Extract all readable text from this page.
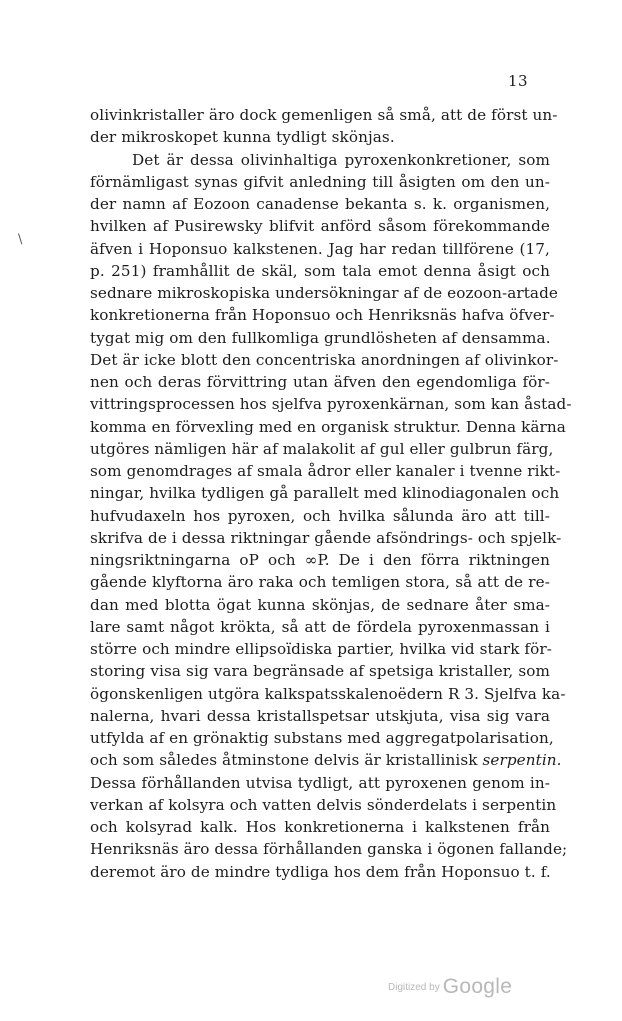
13
\
olivinkristaller äro dock gemenligen så små, att de först un-
der mikroskopet kunna tydligt skönjas.
Det är dessa olivinhaltiga pyroxenkonkretioner, som
förnämligast synas gifvit anledning till åsigten om den un-
der namn af Eozoon canadense bekanta s. k. organismen,
hvilken af Pusirewsky blifvit anförd såsom förekommande
äfven i Hoponsuo kalkstenen. Jag har redan tillförene (17,
p. 251) framhållit de skäl, som tala emot denna åsigt och
sednare mikroskopiska undersökningar af de eozoon-artade
konkretionerna från Hoponsuo och Henriksnäs hafva öfver-
tygat mig om den fullkomliga grundlösheten af densamma.
Det är icke blott den concentriska anordningen af olivinkor-
nen och deras förvittring utan äfven den egendomliga för-
vittringsprocessen hos sjelfva pyroxenkärnan, som kan åstad-
komma en förvexling med en organisk struktur. Denna kärna
utgöres nämligen här af malakolit af gul eller gulbrun färg,
som genomdrages af smala ådror eller kanaler i tvenne rikt-
ningar, hvilka tydligen gå parallelt med klinodiagonalen och
hufvudaxeln hos pyroxen, och hvilka sålunda äro att till-
skrifva de i dessa riktningar gående afsöndrings- och spjelk-
ningsriktningarna oP och ∞P. De i den förra riktningen
gående klyftorna äro raka och temligen stora, så att de re-
dan med blotta ögat kunna skönjas, de sednare åter sma-
lare samt något krökta, så att de fördela pyroxenmassan i
större och mindre ellipsoïdiska partier, hvilka vid stark för-
storing visa sig vara begränsade af spetsiga kristaller, som
ögonskenligen utgöra kalkspatsskalenoëdern R 3. Sjelfva ka-
nalerna, hvari dessa kristallspetsar utskjuta, visa sig vara
utfylda af en grönaktig substans med aggregatpolarisation,
och som således åtminstone delvis är kristallinisk serpentin.
Dessa förhållanden utvisa tydligt, att pyroxenen genom in-
verkan af kolsyra och vatten delvis sönderdelats i serpentin
och kolsyrad kalk. Hos konkretionerna i kalkstenen från
Henriksnäs äro dessa förhållanden ganska i ögonen fallande;
deremot äro de mindre tydliga hos dem från Hoponsuo t. f.
Digitized by Google
